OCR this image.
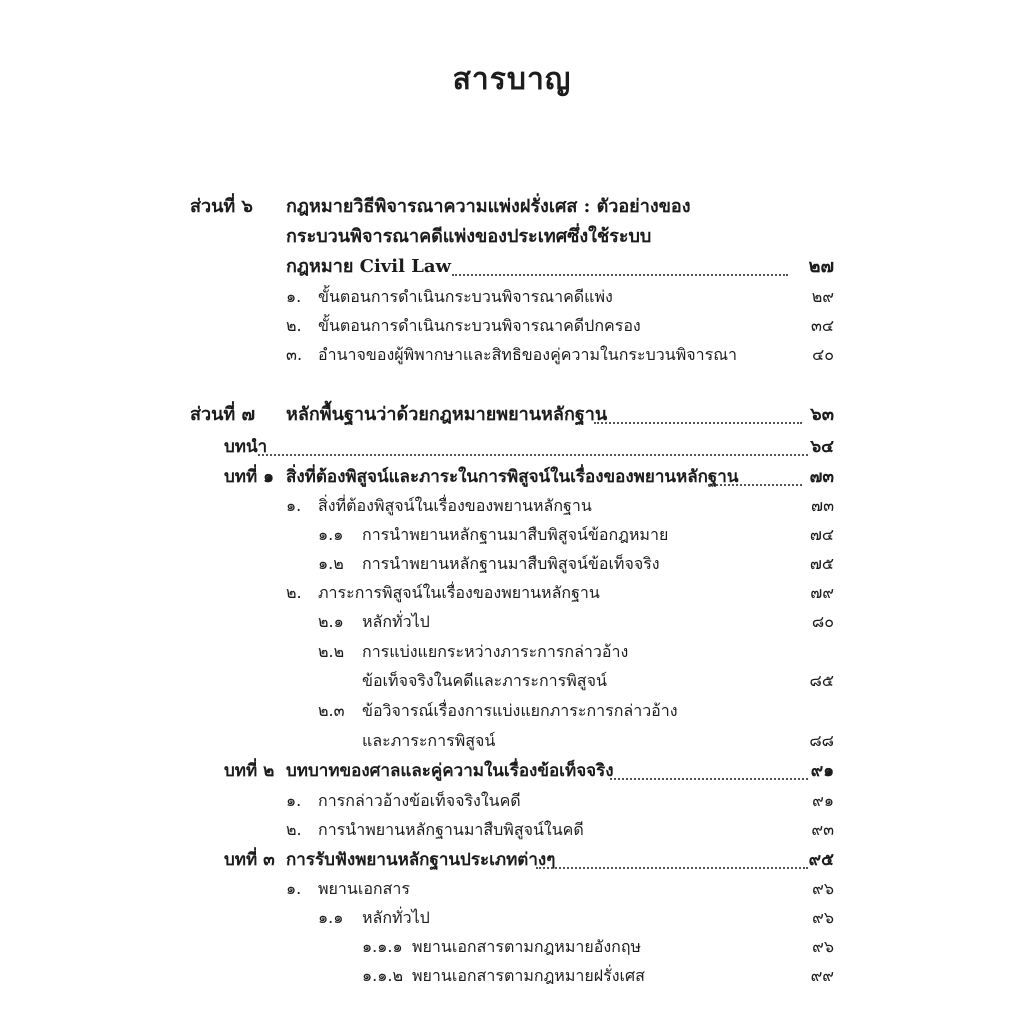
สารบาญ
ส่วนที่ ๖ กฎหมายวิธีพิจารณาความแพ่งฝรั่งเศส : ตัวอย่างของ
กระบวนพิจารณาคดีแพ่งของประเทศซึ่งใช้ระบบ
กฎหมาย Civil Law	๒๗
๑. ขั้นตอนการดำเนินกระบวนพิจารณาคดีแพ่ง	๒๙
๒. ขั้นตอนการดำเนินกระบวนพิจารณาคดีปกครอง	๓๔
๓. อำนาจของผู้พิพากษาและสิทธิของคู่ความในกระบวนพิจารณา	๔๐
ส่วนที่ ๗ หลักพื้นฐานว่าด้วยกฎหมายพยานหลักฐาน	๖๓
บทนำ	๖๔
บทที่ ๑ สิ่งที่ต้องพิสูจน์และภาระในการพิสูจน์ในเรื่องของพยานหลักฐาน	๗๓
๑. สิ่งที่ต้องพิสูจน์ในเรื่องของพยานหลักฐาน	๗๓
๑.๑ การนำพยานหลักฐานมาสืบพิสูจน์ข้อกฎหมาย	๗๔
๑.๒ การนำพยานหลักฐานมาสืบพิสูจน์ข้อเท็จจริง	๗๕
๒. ภาระการพิสูจน์ในเรื่องของพยานหลักฐาน	๗๙
๒.๑ หลักทั่วไป	๘๐
๒.๒ การแบ่งแยกระหว่างภาระการกล่าวอ้าง
ข้อเท็จจริงในคดีและภาระการพิสูจน์	๘๕
๒.๓ ข้อวิจารณ์เรื่องการแบ่งแยกภาระการกล่าวอ้าง
และภาระการพิสูจน์	๘๘
บทที่ ๒ บทบาทของศาลและคู่ความในเรื่องข้อเท็จจริง	๙๑
๑. การกล่าวอ้างข้อเท็จจริงในคดี	๙๑
๒. การนำพยานหลักฐานมาสืบพิสูจน์ในคดี	๙๓
บทที่ ๓ การรับฟังพยานหลักฐานประเภทต่างๆ	๙๕
๑. พยานเอกสาร	๙๖
๑.๑ หลักทั่วไป	๙๖
๑.๑.๑ พยานเอกสารตามกฎหมายอังกฤษ	๙๖
๑.๑.๒ พยานเอกสารตามกฎหมายฝรั่งเศส	๙๙
